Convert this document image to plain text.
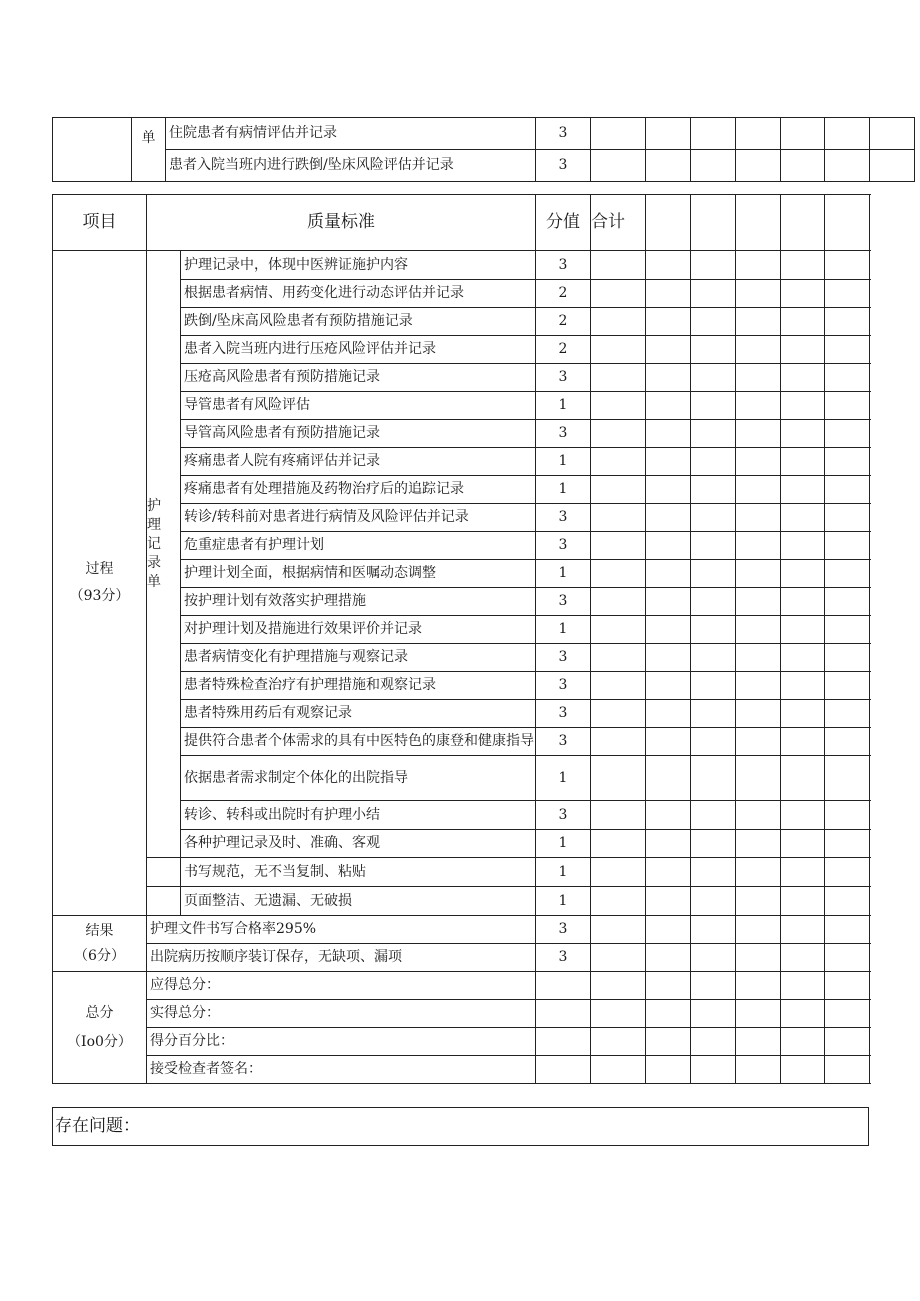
	单	住院患者有病情评估并记录	3							
		患者入院当班内进行跌倒/坠床风险评估并记录	3							
项目	质量标准		分值	合计					

过程
（93分）	护理记录单	护理记录中，体现中医辨证施护内容	3						
		根据患者病情、用药变化进行动态评估并记录	2						
		跌倒/坠床高风险患者有预防措施记录	2						
		患者入院当班内进行压疮风险评估并记录	2						
		压疮高风险患者有预防措施记录	3						
		导管患者有风险评估	1						
		导管高风险患者有预防措施记录	3						
		疼痛患者人院有疼痛评估并记录	1						
		疼痛患者有处理措施及药物治疗后的追踪记录	1						
		转诊/转科前对患者进行病情及风险评估并记录	3						
		危重症患者有护理计划	3						
		护理计划全面，根据病情和医嘱动态调整	1						
		按护理计划有效落实护理措施	3						
		对护理计划及措施进行效果评价并记录	1						
		患者病情变化有护理措施与观察记录	3						
		患者特殊检查治疗有护理措施和观察记录	3						
		患者特殊用药后有观察记录	3						
		提供符合患者个体需求的具有中医特色的康登和健康指导	3						
		依据患者需求制定个体化的出院指导	1						
		转诊、转科或出院时有护理小结	3						
		各种护理记录及时、准确、客观	1						
		书写规范，无不当复制、粘贴	1						
		页面整洁、无遗漏、无破损	1						

结果
（6分）	护理文件书写合格率295%		3						
	出院病历按顺序装订保存，无缺项、漏项		3						

总分
（Io0分）	应得总分：								
	实得总分：								
	得分百分比：								
	接受检查者签名：								
存在问题：
